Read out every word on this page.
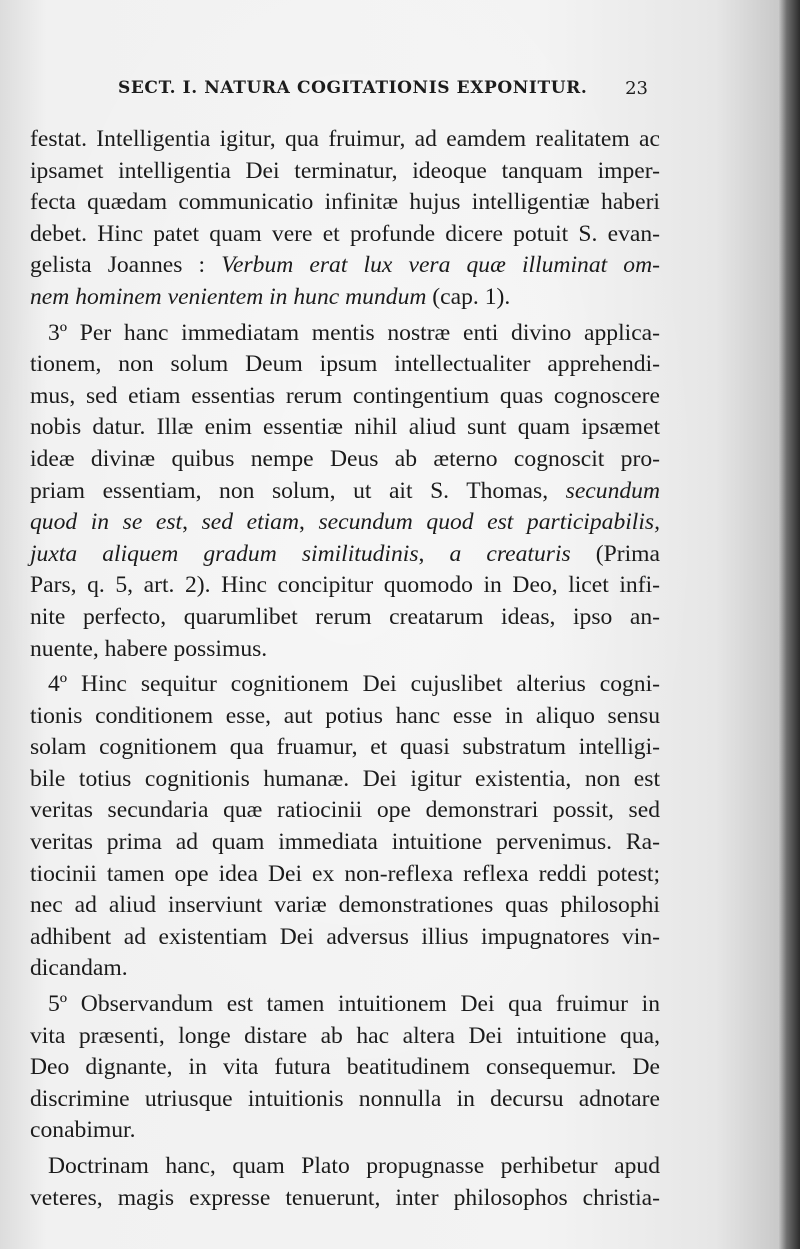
SECT. I. NATURA COGITATIONIS EXPONITUR. 23
festat. Intelligentia igitur, qua fruimur, ad eamdem realitatem ac
ipsamet intelligentia Dei terminatur, ideoque tanquam imper-
fecta quædam communicatio infinitæ hujus intelligentiæ haberi
debet. Hinc patet quam vere et profunde dicere potuit S. evan-
gelista Joannes : Verbum erat lux vera quæ illuminat om-
nem hominem venientem in hunc mundum (cap. 1).
3º Per hanc immediatam mentis nostræ enti divino applica-
tionem, non solum Deum ipsum intellectualiter apprehendi-
mus, sed etiam essentias rerum contingentium quas cognoscere
nobis datur. Illæ enim essentiæ nihil aliud sunt quam ipsæmet
ideæ divinæ quibus nempe Deus ab æterno cognoscit pro-
priam essentiam, non solum, ut ait S. Thomas, secundum
quod in se est, sed etiam, secundum quod est participabilis,
juxta aliquem gradum similitudinis, a creaturis (Prima
Pars, q. 5, art. 2). Hinc concipitur quomodo in Deo, licet infi-
nite perfecto, quarumlibet rerum creatarum ideas, ipso an-
nuente, habere possimus.
4º Hinc sequitur cognitionem Dei cujuslibet alterius cogni-
tionis conditionem esse, aut potius hanc esse in aliquo sensu
solam cognitionem qua fruamur, et quasi substratum intelligi-
bile totius cognitionis humanæ. Dei igitur existentia, non est
veritas secundaria quæ ratiocinii ope demonstrari possit, sed
veritas prima ad quam immediata intuitione pervenimus. Ra-
tiocinii tamen ope idea Dei ex non-reflexa reflexa reddi potest;
nec ad aliud inserviunt variæ demonstrationes quas philosophi
adhibent ad existentiam Dei adversus illius impugnatores vin-
dicandam.
5º Observandum est tamen intuitionem Dei qua fruimur in
vita præsenti, longe distare ab hac altera Dei intuitione qua,
Deo dignante, in vita futura beatitudinem consequemur. De
discrimine utriusque intuitionis nonnulla in decursu adnotare
conabimur.
Doctrinam hanc, quam Plato propugnasse perhibetur apud
veteres, magis expresse tenuerunt, inter philosophos christia-
